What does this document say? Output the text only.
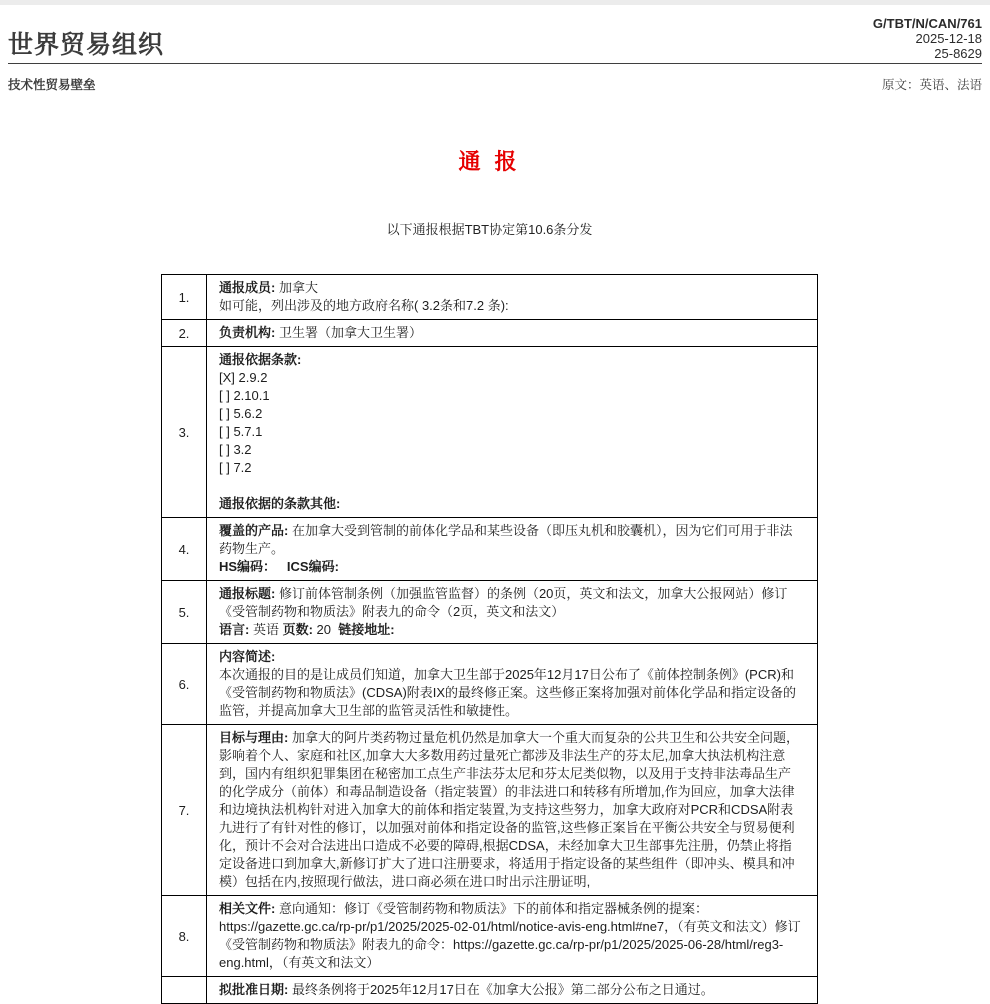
世界贸易组织
G/TBT/N/CAN/761
2025-12-18
25-8629
技术性贸易壁垒	原文：英语、法语
通 报
以下通报根据TBT协定第10.6条分发
1.	通报成员: 加拿大
如可能，列出涉及的地方政府名称( 3.2条和7.2 条):

2.	负责机构: 卫生署（加拿大卫生署）

3.	
通报依据条款:
[X] 2.9.2
[ ] 2.10.1
[ ] 5.6.2
[ ] 5.7.1
[ ] 3.2
[ ] 7.2

通报依据的条款其他:

4.	覆盖的产品: 在加拿大受到管制的前体化学品和某些设备（即压丸机和胶囊机），因为它们可用于非法药物生产。
HS编码：   ICS编码:

5.	通报标题: 修订前体管制条例（加强监管监督）的条例（20页，英文和法文，加拿大公报网站）修订《受管制药物和物质法》附表九的命令（2页，英文和法文）
语言: 英语 页数: 20  链接地址:

6.	内容简述:
本次通报的目的是让成员们知道，加拿大卫生部于2025年12月17日公布了《前体控制条例》(PCR)和《受管制药物和物质法》(CDSA)附表IX的最终修正案。这些修正案将加强对前体化学品和指定设备的监管，并提高加拿大卫生部的监管灵活性和敏捷性。

7.	目标与理由: 加拿大的阿片类药物过量危机仍然是加拿大一个重大而复杂的公共卫生和公共安全问题，影响着个人、家庭和社区,加拿大大多数用药过量死亡都涉及非法生产的芬太尼,加拿大执法机构注意到，国内有组织犯罪集团在秘密加工点生产非法芬太尼和芬太尼类似物，以及用于支持非法毒品生产的化学成分（前体）和毒品制造设备（指定装置）的非法进口和转移有所增加,作为回应，加拿大法律和边境执法机构针对进入加拿大的前体和指定装置,为支持这些努力，加拿大政府对PCR和CDSA附表九进行了有针对性的修订，以加强对前体和指定设备的监管,这些修正案旨在平衡公共安全与贸易便利化，预计不会对合法进出口造成不必要的障碍,根据CDSA，未经加拿大卫生部事先注册，仍禁止将指定设备进口到加拿大,新修订扩大了进口注册要求，将适用于指定设备的某些组件（即冲头、模具和冲模）包括在内,按照现行做法，进口商必须在进口时出示注册证明,

8.	相关文件: 意向通知：修订《受管制药物和物质法》下的前体和指定器械条例的提案：https://gazette.gc.ca/rp-pr/p1/2025/2025-02-01/html/notice-avis-eng.html#ne7，（有英文和法文）修订《受管制药物和物质法》附表九的命令：https://gazette.gc.ca/rp-pr/p1/2025/2025-06-28/html/reg3-eng.html，（有英文和法文）

	拟批准日期: 最终条例将于2025年12月17日在《加拿大公报》第二部分公布之日通过。
